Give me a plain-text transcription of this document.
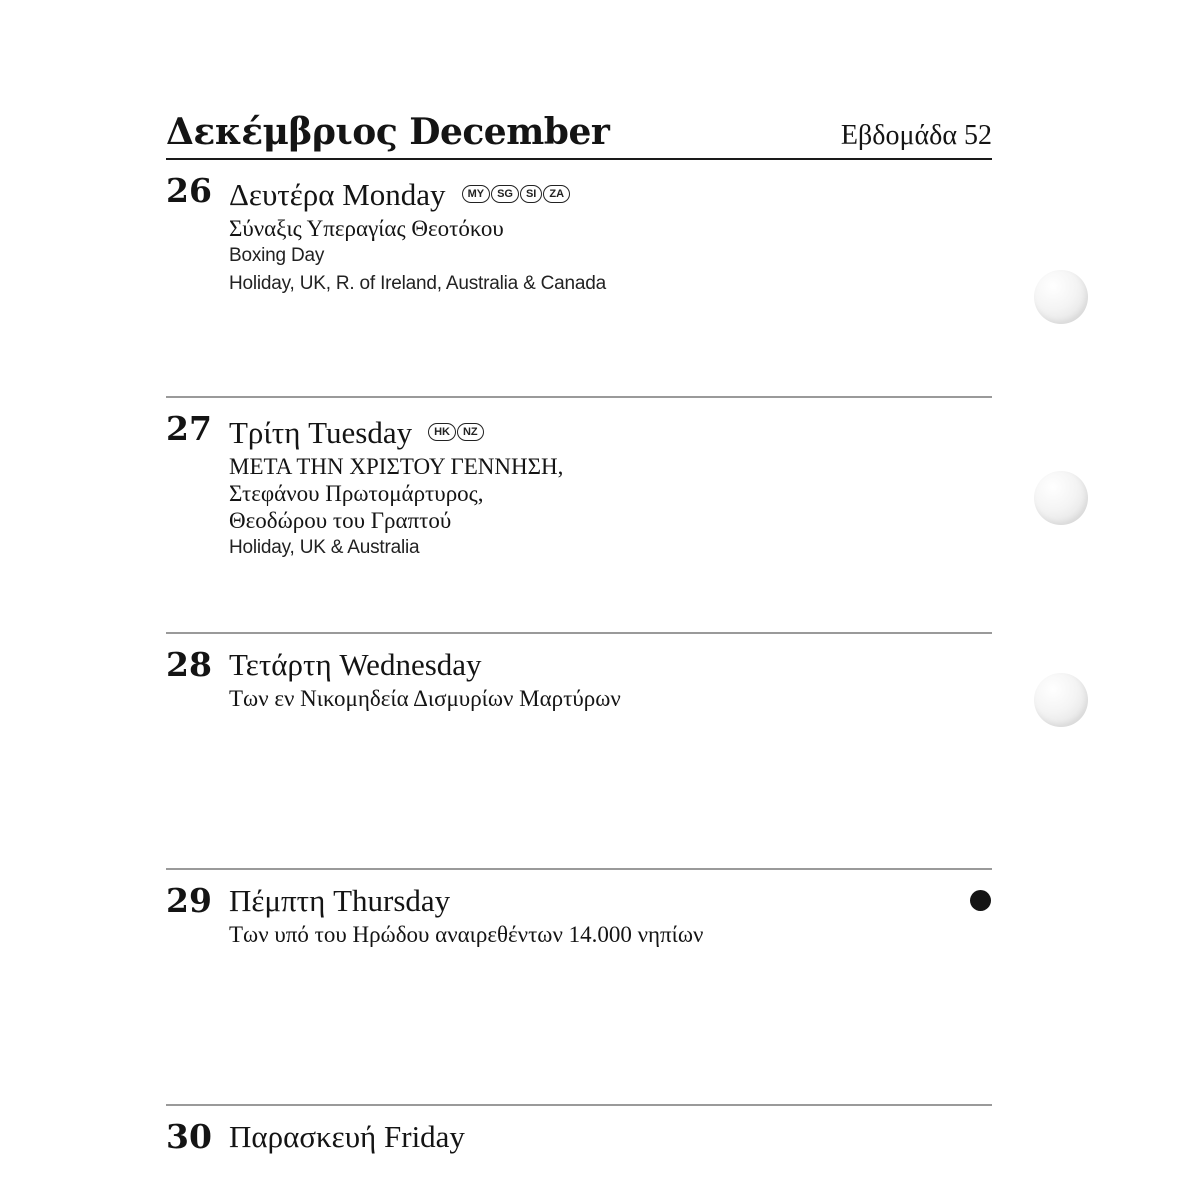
Δεκέμβριος December	Εβδομάδα 52
26 Δευτέρα Monday MY SG SI ZA
Σύναξις Υπεραγίας Θεοτόκου
Boxing Day
Holiday, UK, R. of Ireland, Australia & Canada
27 Τρίτη Tuesday HK NZ
ΜΕΤΑ ΤΗΝ ΧΡΙΣΤΟΥ ΓΕΝΝΗΣΗ,
Στεφάνου Πρωτομάρτυρος,
Θεοδώρου του Γραπτού
Holiday, UK & Australia
28 Τετάρτη Wednesday
Των εν Νικομηδεία Δισμυρίων Μαρτύρων
29 Πέμπτη Thursday
Των υπό του Ηρώδου αναιρεθέντων 14.000 νηπίων
30 Παρασκευή Friday
